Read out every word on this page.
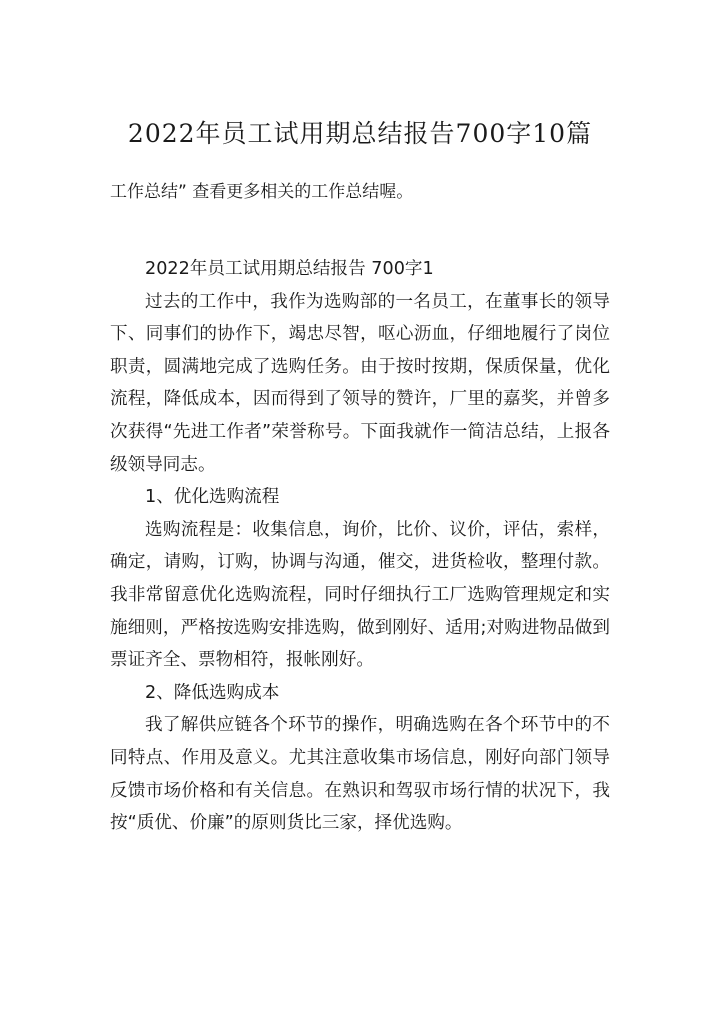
2022年员工试用期总结报告700字10篇

工作总结” 查看更多相关的工作总结喔。

2022年员工试用期总结报告 700字1

过去的工作中，我作为选购部的一名员工，在董事长的领导下、同事们的协作下，竭忠尽智，呕心沥血，仔细地履行了岗位职责，圆满地完成了选购任务。由于按时按期，保质保量，优化流程，降低成本，因而得到了领导的赞许，厂里的嘉奖，并曾多次获得“先进工作者”荣誉称号。下面我就作一简洁总结，上报各级领导同志。

1、优化选购流程

选购流程是：收集信息，询价，比价、议价，评估，索样，确定，请购，订购，协调与沟通，催交，进货检收，整理付款。我非常留意优化选购流程，同时仔细执行工厂选购管理规定和实施细则，严格按选购安排选购，做到刚好、适用;对购进物品做到票证齐全、票物相符，报帐刚好。

2、降低选购成本

我了解供应链各个环节的操作，明确选购在各个环节中的不同特点、作用及意义。尤其注意收集市场信息，刚好向部门领导反馈市场价格和有关信息。在熟识和驾驭市场行情的状况下，我按“质优、价廉”的原则货比三家，择优选购。
